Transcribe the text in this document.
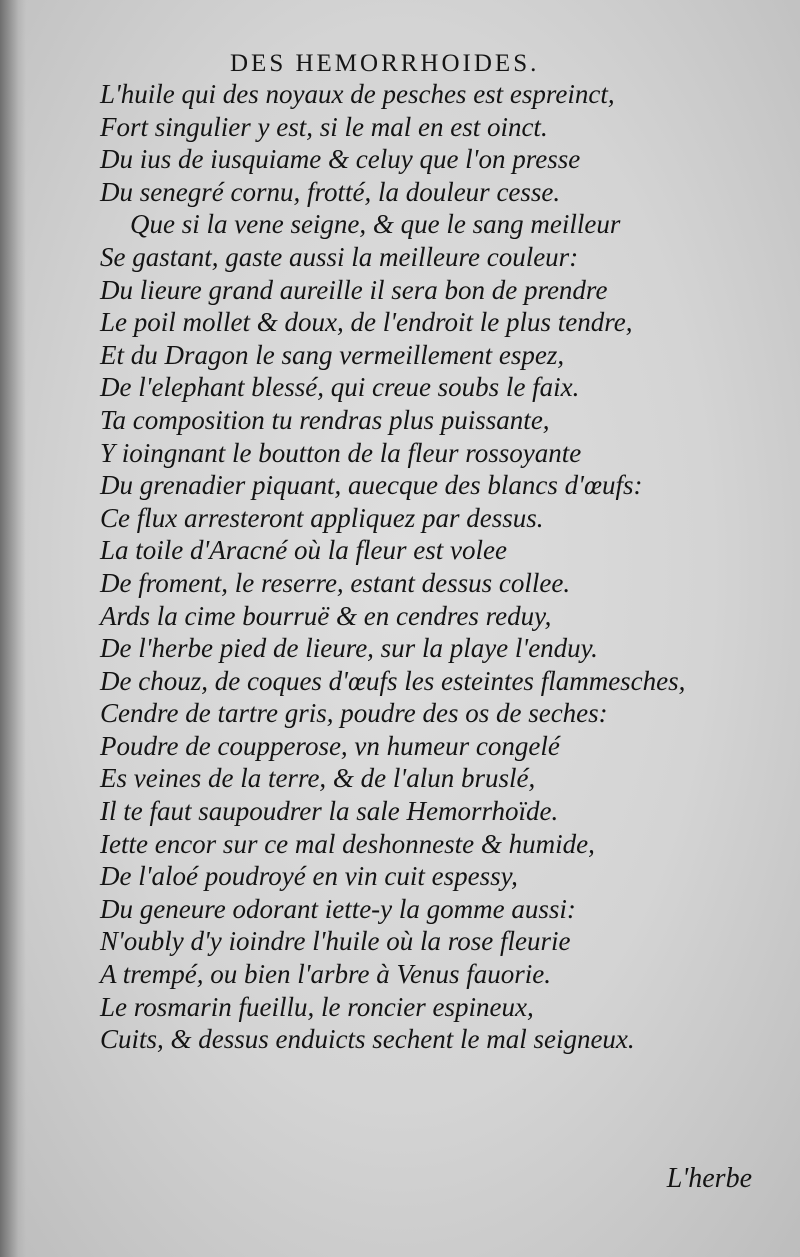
DES HEMORRHOIDES.
L'huile qui des noyaux de pesches est espreinct,
Fort singulier y est, si le mal en est oinct.
Du ius de iusquiame & celuy que l'on presse
Du senegré cornu, frotté, la douleur cesse.
Que si la vene seigne, & que le sang meilleur
Se gastant, gaste aussi la meilleure couleur:
Du lieure grand aureille il sera bon de prendre
Le poil mollet & doux, de l'endroit le plus tendre,
Et du Dragon le sang vermeillement espez,
De l'elephant blessé, qui creue soubs le faix.
Ta composition tu rendras plus puissante,
Y ioingnant le boutton de la fleur rossoyante
Du grenadier piquant, auecque des blancs d'œufs:
Ce flux arresteront appliquez par dessus.
La toile d'Aracné où la fleur est volee
De froment, le reserre, estant dessus collee.
Ards la cime bourruë & en cendres reduy,
De l'herbe pied de lieure, sur la playe l'enduy.
De chouz, de coques d'œufs les esteintes flammesches,
Cendre de tartre gris, poudre des os de seches:
Poudre de coupperose, vn humeur congelé
Es veines de la terre, & de l'alun bruslé,
Il te faut saupoudrer la sale Hemorrhoïde.
Iette encor sur ce mal deshonneste & humide,
De l'aloé poudroyé en vin cuit espessy,
Du geneure odorant iette-y la gomme aussi:
N'oubly d'y ioindre l'huile où la rose fleurie
A trempé, ou bien l'arbre à Venus fauorie.
Le rosmarin fueillu, le roncier espineux,
Cuits, & dessus enduicts sechent le mal seigneux.
L'herbe
